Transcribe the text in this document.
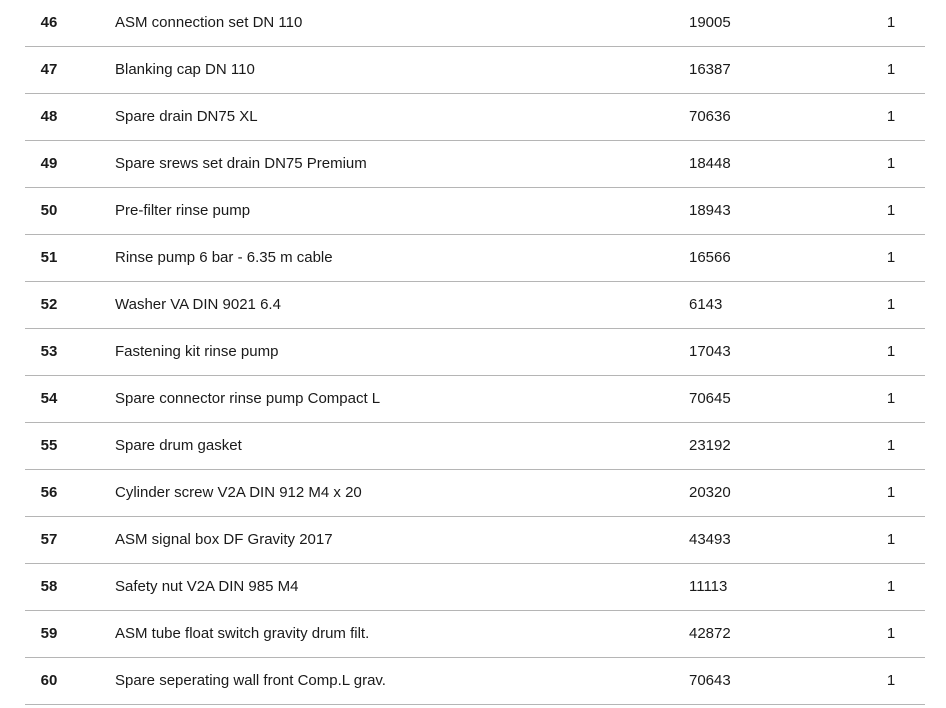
46	ASM connection set DN 110	19005	1
47	Blanking cap DN 110	16387	1
48	Spare drain DN75 XL	70636	1
49	Spare srews set drain DN75 Premium	18448	1
50	Pre-filter rinse pump	18943	1
51	Rinse pump 6 bar - 6.35 m cable	16566	1
52	Washer VA DIN 9021 6.4	6143	1
53	Fastening kit rinse pump	17043	1
54	Spare connector rinse pump Compact L	70645	1
55	Spare drum gasket	23192	1
56	Cylinder screw V2A DIN 912 M4 x 20	20320	1
57	ASM signal box DF Gravity 2017	43493	1
58	Safety nut V2A DIN 985 M4	11113	1
59	ASM tube float switch gravity drum filt.	42872	1
60	Spare seperating wall front Comp.L grav.	70643	1
